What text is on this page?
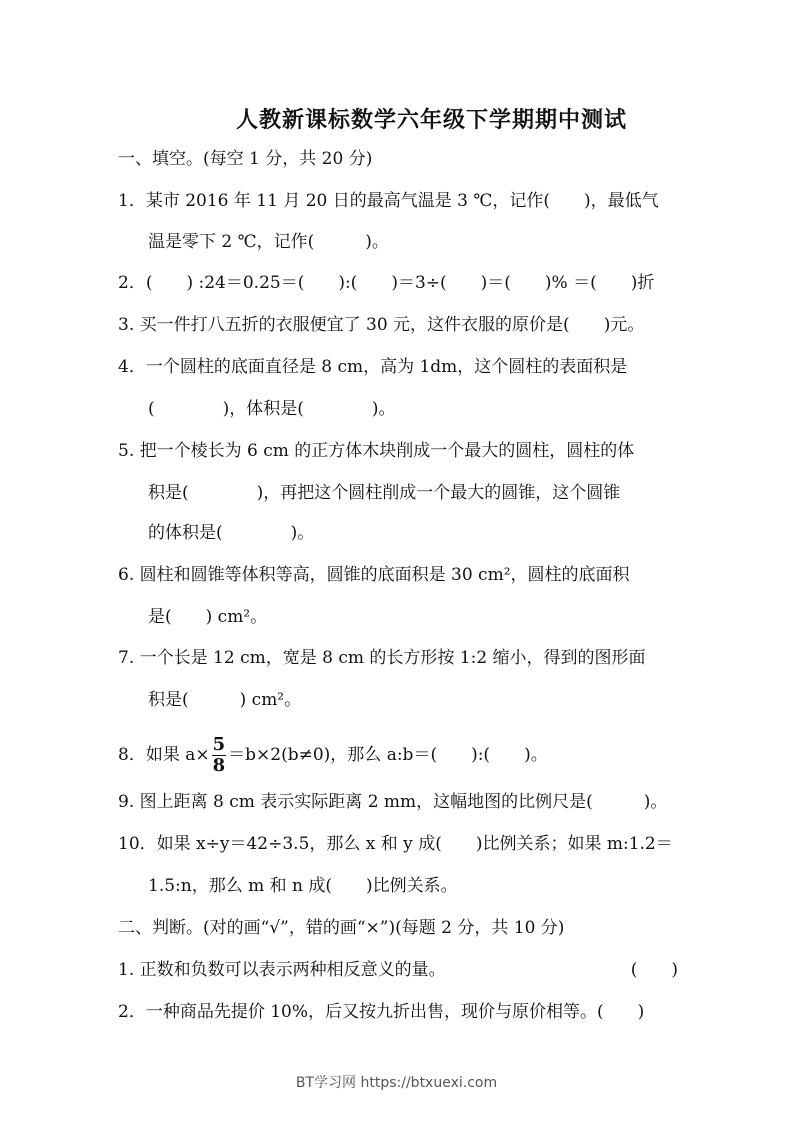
人教新课标数学六年级下学期期中测试
一、填空。(每空 1 分，共 20 分)
1．某市 2016 年 11 月 20 日的最高气温是 3 ℃，记作(　　)，最低气
温是零下 2 ℃，记作(　　　)。
2．(　　) :24＝0.25＝(　　):(　　)＝3÷(　　)＝(　　)% ＝(　　)折
3. 买一件打八五折的衣服便宜了 30 元，这件衣服的原价是(　　)元。
4．一个圆柱的底面直径是 8 cm，高为 1dm，这个圆柱的表面积是
(　　　　)，体积是(　　　　)。
5. 把一个棱长为 6 cm 的正方体木块削成一个最大的圆柱，圆柱的体
积是(　　　　)，再把这个圆柱削成一个最大的圆锥，这个圆锥
的体积是(　　　　)。
6. 圆柱和圆锥等体积等高，圆锥的底面积是 30 cm²，圆柱的底面积
是(　　) cm²。
7. 一个长是 12 cm，宽是 8 cm 的长方形按 1:2 缩小，得到的图形面
积是(　　　) cm²。
8．如果 $a\times \frac{5}{8} =b\times 2(b\ne 0)$，那么 a:b＝(　　):(　　)。
9. 图上距离 8 cm 表示实际距离 2 mm，这幅地图的比例尺是(　　　)。
10．如果 x÷y＝42÷3.5，那么 x 和 y 成(　　)比例关系；如果 m:1.2＝
1.5:n，那么 m 和 n 成(　　)比例关系。
二、判断。(对的画“√”，错的画“×”)(每题 2 分，共 10 分)
1. 正数和负数可以表示两种相反意义的量。	(　　)
2．一种商品先提价 10%，后又按九折出售，现价与原价相等。(　　)
BT学习网 https://btxuexi.com
